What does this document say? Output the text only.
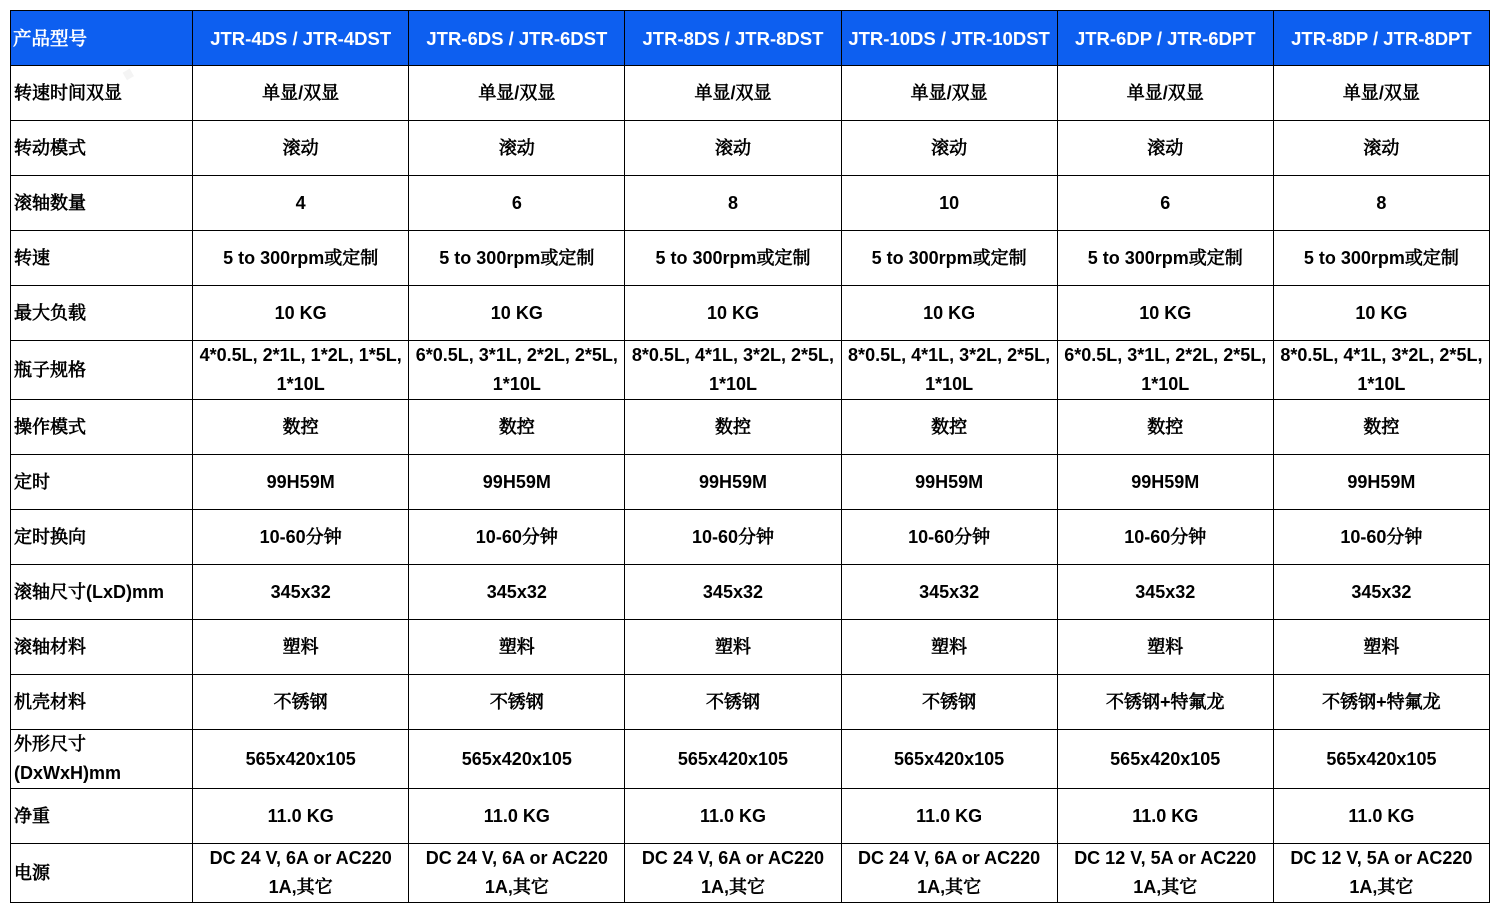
·
产品型号	JTR-4DS / JTR-4DST	JTR-6DS / JTR-6DST	JTR-8DS / JTR-8DST	JTR-10DS / JTR-10DST	JTR-6DP / JTR-6DPT	JTR-8DP / JTR-8DPT
转速时间双显	单显/双显	单显/双显	单显/双显	单显/双显	单显/双显	单显/双显
转动模式	滚动	滚动	滚动	滚动	滚动	滚动
滚轴数量	4	6	8	10	6	8
转速	5 to 300rpm或定制	5 to 300rpm或定制	5 to 300rpm或定制	5 to 300rpm或定制	5 to 300rpm或定制	5 to 300rpm或定制
最大负载	10 KG	10 KG	10 KG	10 KG	10 KG	10 KG
瓶子规格	4*0.5L, 2*1L, 1*2L, 1*5L, 1*10L	6*0.5L, 3*1L, 2*2L, 2*5L, 1*10L	8*0.5L, 4*1L, 3*2L, 2*5L, 1*10L	8*0.5L, 4*1L, 3*2L, 2*5L, 1*10L	6*0.5L, 3*1L, 2*2L, 2*5L, 1*10L	8*0.5L, 4*1L, 3*2L, 2*5L, 1*10L
操作模式	数控	数控	数控	数控	数控	数控
定时	99H59M	99H59M	99H59M	99H59M	99H59M	99H59M
定时换向	10-60分钟	10-60分钟	10-60分钟	10-60分钟	10-60分钟	10-60分钟
滚轴尺寸(LxD)mm	345x32	345x32	345x32	345x32	345x32	345x32
滚轴材料	塑料	塑料	塑料	塑料	塑料	塑料
机壳材料	不锈钢	不锈钢	不锈钢	不锈钢	不锈钢+特氟龙	不锈钢+特氟龙
外形尺寸(DxWxH)mm	565x420x105	565x420x105	565x420x105	565x420x105	565x420x105	565x420x105
净重	11.0 KG	11.0 KG	11.0 KG	11.0 KG	11.0 KG	11.0 KG
电源	DC 24 V, 6A or AC220 1A,其它	DC 24 V, 6A or AC220 1A,其它	DC 24 V, 6A or AC220 1A,其它	DC 24 V, 6A or AC220 1A,其它	DC 12 V, 5A or AC220 1A,其它	DC 12 V, 5A or AC220 1A,其它
